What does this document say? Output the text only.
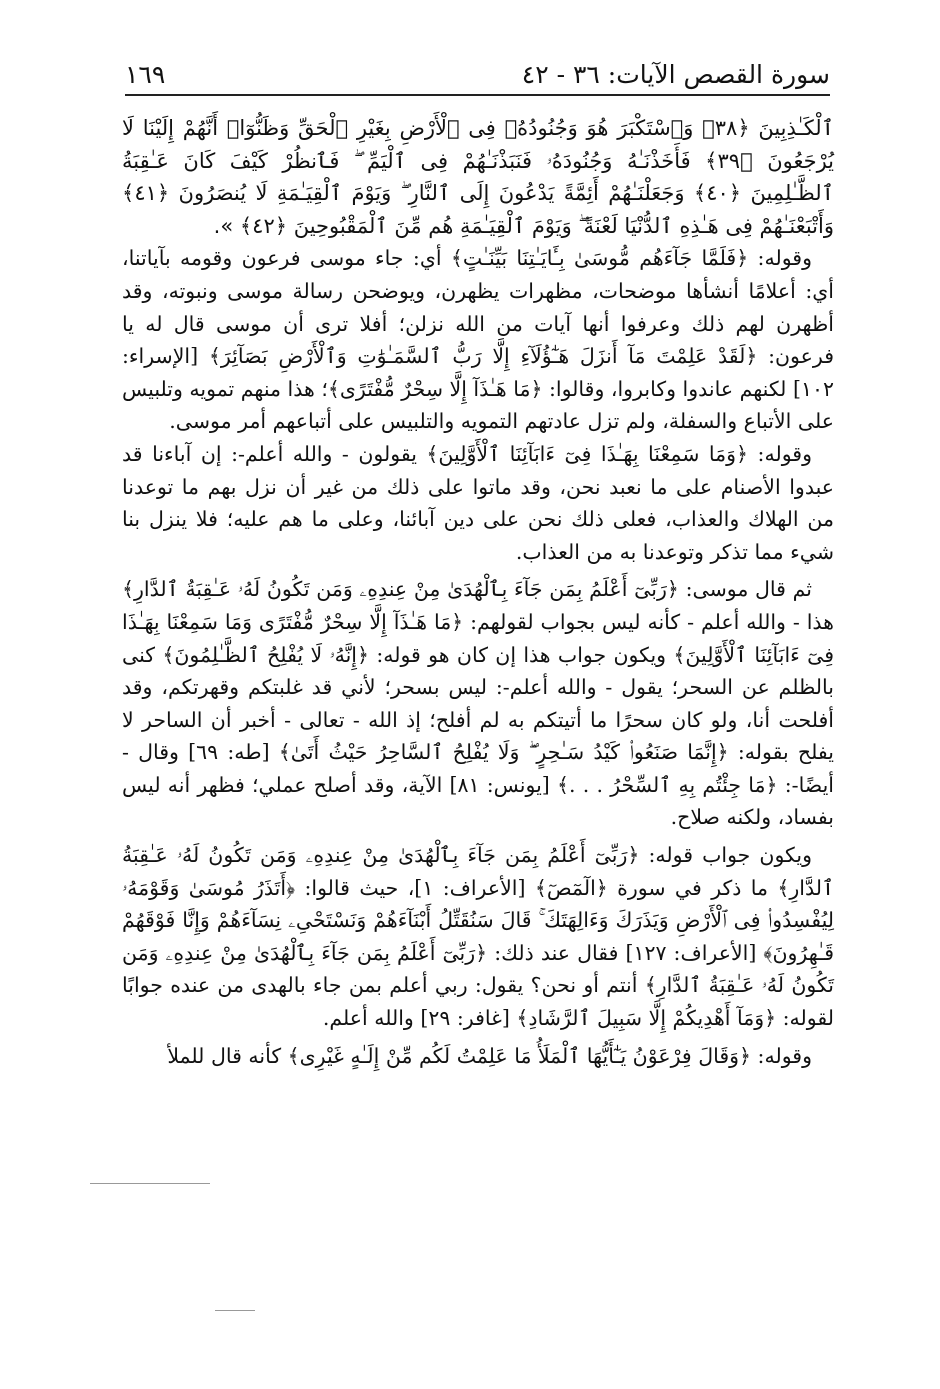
سورة القصص الآيات: ٣٦ - ٤٢
١٦٩

ٱلْكَـٰذِبِينَ ﴿٣٨﴾ وَٱسْتَكْبَرَ هُوَ وَجُنُودُهُۥ فِى ٱلْأَرْضِ بِغَيْرِ ٱلْحَقِّ وَظَنُّوٓا۟ أَنَّهُمْ إِلَيْنَا لَا يُرْجَعُونَ ﴿٣٩﴾ فَأَخَذْنَـٰهُ وَجُنُودَهُۥ فَنَبَذْنَـٰهُمْ فِى ٱلْيَمِّ ۖ فَٱنظُرْ كَيْفَ كَانَ عَـٰقِبَةُ ٱلظَّـٰلِمِينَ ﴿٤٠﴾ وَجَعَلْنَـٰهُمْ أَئِمَّةً يَدْعُونَ إِلَى ٱلنَّارِ ۖ وَيَوْمَ ٱلْقِيَـٰمَةِ لَا يُنصَرُونَ ﴿٤١﴾ وَأَتْبَعْنَـٰهُمْ فِى هَـٰذِهِ ٱلدُّنْيَا لَعْنَةً ۖ وَيَوْمَ ٱلْقِيَـٰمَةِ هُم مِّنَ ٱلْمَقْبُوحِينَ ﴿٤٢﴾ ».

وقوله: ﴿فَلَمَّا جَآءَهُم مُّوسَىٰ بِـَٔايَـٰتِنَا بَيِّنَـٰتٍ﴾ أي: جاء موسى فرعون وقومه بآياتنا، أي: أعلامًا أنشأها موضحات، مظهرات يظهرن، ويوضحن رسالة موسى ونبوته، وقد أظهرن لهم ذلك وعرفوا أنها آيات من الله نزلن؛ أفلا ترى أن موسى قال له يا فرعون: ﴿لَقَدْ عَلِمْتَ مَآ أَنزَلَ هَـٰٓؤُلَآءِ إِلَّا رَبُّ ٱلسَّمَـٰوَٰتِ وَٱلْأَرْضِ بَصَآئِرَ﴾ [الإسراء: ١٠٢] لكنهم عاندوا وكابروا، وقالوا: ﴿مَا هَـٰذَآ إِلَّا سِحْرٌ مُّفْتَرًى﴾؛ هذا منهم تمويه وتلبيس على الأتباع والسفلة، ولم تزل عادتهم التمويه والتلبيس على أتباعهم أمر موسى.

وقوله: ﴿وَمَا سَمِعْنَا بِهَـٰذَا فِىٓ ءَابَآئِنَا ٱلْأَوَّلِينَ﴾ يقولون - والله أعلم-: إن آباءنا قد عبدوا الأصنام على ما نعبد نحن، وقد ماتوا على ذلك من غير أن نزل بهم ما توعدنا من الهلاك والعذاب، فعلى ذلك نحن على دين آبائنا، وعلى ما هم عليه؛ فلا ينزل بنا شيء مما تذكر وتوعدنا به من العذاب.

ثم قال موسى: ﴿رَبِّىٓ أَعْلَمُ بِمَن جَآءَ بِٱلْهُدَىٰ مِنْ عِندِهِۦ وَمَن تَكُونُ لَهُۥ عَـٰقِبَةُ ٱلدَّارِ﴾ هذا - والله أعلم - كأنه ليس بجواب لقولهم: ﴿مَا هَـٰذَآ إِلَّا سِحْرٌ مُّفْتَرًى وَمَا سَمِعْنَا بِهَـٰذَا فِىٓ ءَابَآئِنَا ٱلْأَوَّلِينَ﴾ ويكون جواب هذا إن كان هو قوله: ﴿إِنَّهُۥ لَا يُفْلِحُ ٱلظَّـٰلِمُونَ﴾ كنى بالظلم عن السحر؛ يقول - والله أعلم-: ليس بسحر؛ لأني قد غلبتكم وقهرتكم، وقد أفلحت أنا، ولو كان سحرًا ما أتيتكم به لم أفلح؛ إذ الله - تعالى - أخبر أن الساحر لا يفلح بقوله: ﴿إِنَّمَا صَنَعُوا۟ كَيْدُ سَـٰحِرٍ ۖ وَلَا يُفْلِحُ ٱلسَّاحِرُ حَيْثُ أَتَىٰ﴾ [طه: ٦٩] وقال - أيضًا-: ﴿مَا جِئْتُم بِهِ ٱلسِّحْرُ . . .﴾ [يونس: ٨١] الآية، وقد أصلح عملي؛ فظهر أنه ليس بفساد، ولكنه صلاح.

ويكون جواب قوله: ﴿رَبِّىٓ أَعْلَمُ بِمَن جَآءَ بِٱلْهُدَىٰ مِنْ عِندِهِۦ وَمَن تَكُونُ لَهُۥ عَـٰقِبَةُ ٱلدَّارِ﴾ ما ذكر في سورة ﴿الٓمٓصٓ﴾ [الأعراف: ١]، حيث قالوا: ﴿أَتَذَرُ مُوسَىٰ وَقَوْمَهُۥ لِيُفْسِدُوا۟ فِى ٱلْأَرْضِ وَيَذَرَكَ وَءَالِهَتَكَ ۚ قَالَ سَنُقَتِّلُ أَبْنَآءَهُمْ وَنَسْتَحْىِۦ نِسَآءَهُمْ وَإِنَّا فَوْقَهُمْ قَـٰهِرُونَ﴾ [الأعراف: ١٢٧] فقال عند ذلك: ﴿رَبِّىٓ أَعْلَمُ بِمَن جَآءَ بِٱلْهُدَىٰ مِنْ عِندِهِۦ وَمَن تَكُونُ لَهُۥ عَـٰقِبَةُ ٱلدَّارِ﴾ أنتم أو نحن؟ يقول: ربي أعلم بمن جاء بالهدى من عنده جوابًا لقوله: ﴿وَمَآ أَهْدِيكُمْ إِلَّا سَبِيلَ ٱلرَّشَادِ﴾ [غافر: ٢٩] والله أعلم.

وقوله: ﴿وَقَالَ فِرْعَوْنُ يَـٰٓأَيُّهَا ٱلْمَلَأُ مَا عَلِمْتُ لَكُم مِّنْ إِلَـٰهٍ غَيْرِى﴾ كأنه قال للملأ
